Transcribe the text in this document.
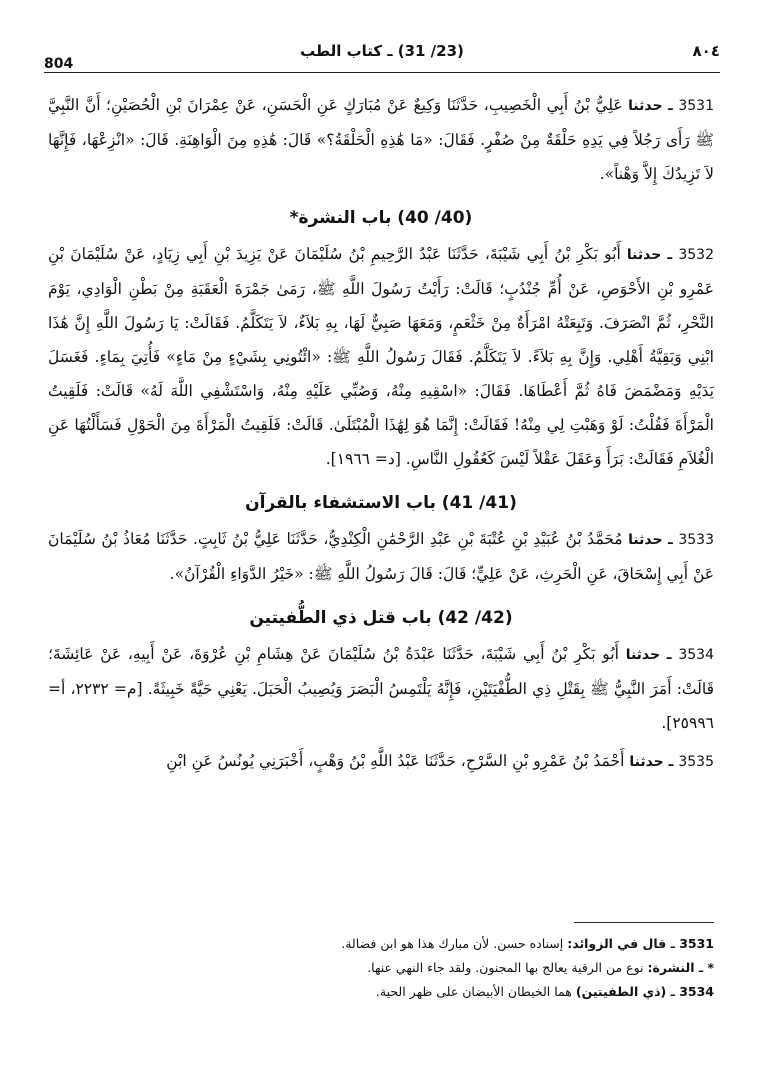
804
(23/ 31) ـ كتاب الطب	٨٠٤

3531 ـ حدثنا عَلِيُّ بْنُ أَبِي الْخَصِيبِ، حَدَّثَنَا وَكِيعٌ عَنْ مُبَارَكٍ عَنِ الْحَسَنِ، عَنْ عِمْرَانَ بْنِ الْحُصَيْنِ؛ أَنَّ النَّبِيَّ ﷺ رَأَى رَجُلاً فِي يَدِهِ حَلْقَةٌ مِنْ صُفْرٍ. فَقَالَ: «مَا هَٰذِهِ الْحَلْقَةُ؟» قَالَ: هَٰذِهِ مِنَ الْوَاهِنَةِ. قَالَ: «انْزِعْهَا، فَإِنَّهَا لاَ تَزِيدُكَ إِلاَّ وَهْناً».

(40/ 40) باب النشرة*

3532 ـ حدثنا أَبُو بَكْرِ بْنُ أَبِي شَيْبَةَ، حَدَّثَنَا عَبْدُ الرَّحِيمِ بْنُ سُلَيْمَانَ عَنْ يَزِيدَ بْنِ أَبِي زِيَادٍ، عَنْ سُلَيْمَانَ بْنِ عَمْرِو بْنِ الأَحْوَصِ، عَنْ أُمِّ جُنْدُبٍ؛ قَالَتْ: رَأَيْتُ رَسُولَ اللَّهِ ﷺ، رَمَىٰ جَمْرَةَ الْعَقَبَةِ مِنْ بَطْنِ الْوَادِي، يَوْمَ النَّحْرِ، ثُمَّ انْصَرَفَ. وَتَبِعَتْهُ امْرَأَةٌ مِنْ خَثْعَمٍ، وَمَعَهَا صَبِيٌّ لَهَا، بِهِ بَلاَءٌ، لاَ يَتَكَلَّمُ. فَقَالَتْ: يَا رَسُولَ اللَّهِ إِنَّ هَٰذَا ابْنِي وَبَقِيَّةُ أَهْلِي. وَإِنَّ بِهِ بَلاَءً. لاَ يَتَكَلَّمُ. فَقَالَ رَسُولُ اللَّهِ ﷺ: «ائْتُونِي بِشَيْءٍ مِنْ مَاءٍ» فَأُتِيَ بِمَاءٍ. فَغَسَلَ يَدَيْهِ وَمَضْمَضَ فَاهُ ثُمَّ أَعْطَاهَا. فَقَالَ: «اسْقِيهِ مِنْهُ، وَصُبِّي عَلَيْهِ مِنْهُ، وَاسْتَشْفِي اللَّهَ لَهُ» قَالَتْ: فَلَقِيتُ الْمَرْأَةَ فَقُلْتُ: لَوْ وَهَبْتِ لِي مِنْهُ! فَقَالَتْ: إِنَّمَا هُوَ لِهَٰذَا الْمُبْتَلَىٰ. قَالَتْ: فَلَقِيتُ الْمَرْأَةَ مِنَ الْحَوْلِ فَسَأَلْتُهَا عَنِ الْغُلاَمِ فَقَالَتْ: بَرَأَ وَعَقَلَ عَقْلاً لَيْسَ كَعُقُولِ النَّاسِ. [د= ١٩٦٦].

(41/ 41) باب الاستشفاء بالقرآن

3533 ـ حدثنا مُحَمَّدُ بْنُ عُبَيْدِ بْنِ عُتْبَةَ بْنِ عَبْدِ الرَّحْمَٰنِ الْكِنْدِيُّ، حَدَّثَنَا عَلِيُّ بْنُ ثَابِتٍ. حَدَّثَنَا مُعَاذُ بْنُ سُلَيْمَانَ عَنْ أَبِي إِسْحَاقَ، عَنِ الْحَرِثِ، عَنْ عَلِيٍّ؛ قَالَ: قَالَ رَسُولُ اللَّهِ ﷺ: «خَيْرُ الدَّوَاءِ الْقُرْآنُ».

(42/ 42) باب قتل ذي الطُّفيتين

3534 ـ حدثنا أَبُو بَكْرِ بْنُ أَبِي شَيْبَةَ، حَدَّثَنَا عَبْدَةُ بْنُ سُلَيْمَانَ عَنْ هِشَامِ بْنِ عُرْوَةَ، عَنْ أَبِيهِ، عَنْ عَائِشَةَ؛ قَالَتْ: أَمَرَ النَّبِيُّ ﷺ بِقَتْلِ ذِي الطُّفْيَتَيْنِ، فَإِنَّهُ يَلْتَمِسُ الْبَصَرَ وَيُصِيبُ الْحَبَلَ. يَعْنِي حَيَّةً خَبِيثَةً. [م= ٢٢٣٢، أ= ٢٥٩٩٦].

3535 ـ حدثنا أَحْمَدُ بْنُ عَمْرِو بْنِ السَّرْحِ، حَدَّثَنَا عَبْدُ اللَّهِ بْنُ وَهْبٍ، أَخْبَرَنِي يُونُسُ عَنِ ابْنِ

3531 ـ قال في الزوائد: إسناده حسن. لأن مبارك هذا هو ابن فضالة.

* ـ النشرة: نوع من الرقية يعالج بها المجنون. ولقد جاء النهي عنها.

3534 ـ (ذي الطفيتين) هما الخيطان الأبيضان على ظهر الحية.
